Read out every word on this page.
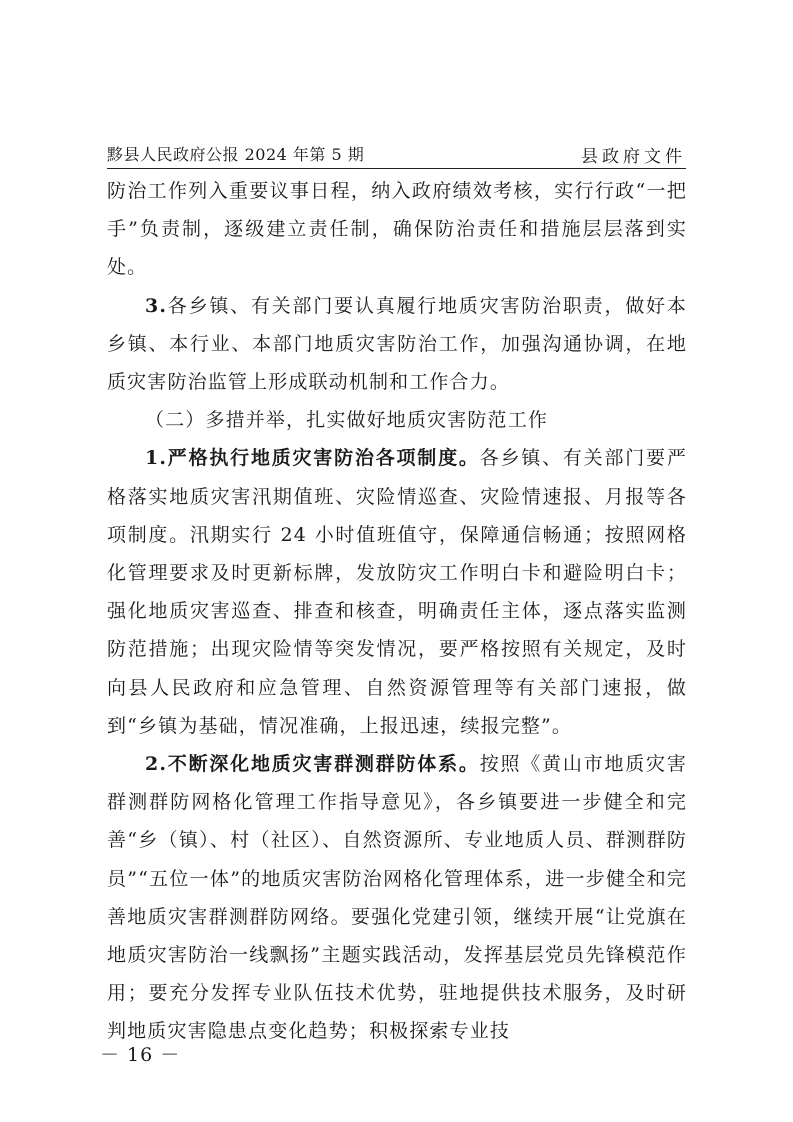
黟县人民政府公报 2024 年第 5 期	县政府文件

防治工作列入重要议事日程，纳入政府绩效考核，实行行政“一把手”负责制，逐级建立责任制，确保防治责任和措施层层落到实处。

3.各乡镇、有关部门要认真履行地质灾害防治职责，做好本乡镇、本行业、本部门地质灾害防治工作，加强沟通协调，在地质灾害防治监管上形成联动机制和工作合力。

（二）多措并举，扎实做好地质灾害防范工作

1.严格执行地质灾害防治各项制度。各乡镇、有关部门要严格落实地质灾害汛期值班、灾险情巡查、灾险情速报、月报等各项制度。汛期实行 24 小时值班值守，保障通信畅通；按照网格化管理要求及时更新标牌，发放防灾工作明白卡和避险明白卡；强化地质灾害巡查、排查和核查，明确责任主体，逐点落实监测防范措施；出现灾险情等突发情况，要严格按照有关规定，及时向县人民政府和应急管理、自然资源管理等有关部门速报，做到“乡镇为基础，情况准确，上报迅速，续报完整”。

2.不断深化地质灾害群测群防体系。按照《黄山市地质灾害群测群防网格化管理工作指导意见》，各乡镇要进一步健全和完善“乡（镇）、村（社区）、自然资源所、专业地质人员、群测群防员”“五位一体”的地质灾害防治网格化管理体系，进一步健全和完善地质灾害群测群防网络。要强化党建引领，继续开展“让党旗在地质灾害防治一线飘扬”主题实践活动，发挥基层党员先锋模范作用；要充分发挥专业队伍技术优势，驻地提供技术服务，及时研判地质灾害隐患点变化趋势；积极探索专业技

－ 16 －
